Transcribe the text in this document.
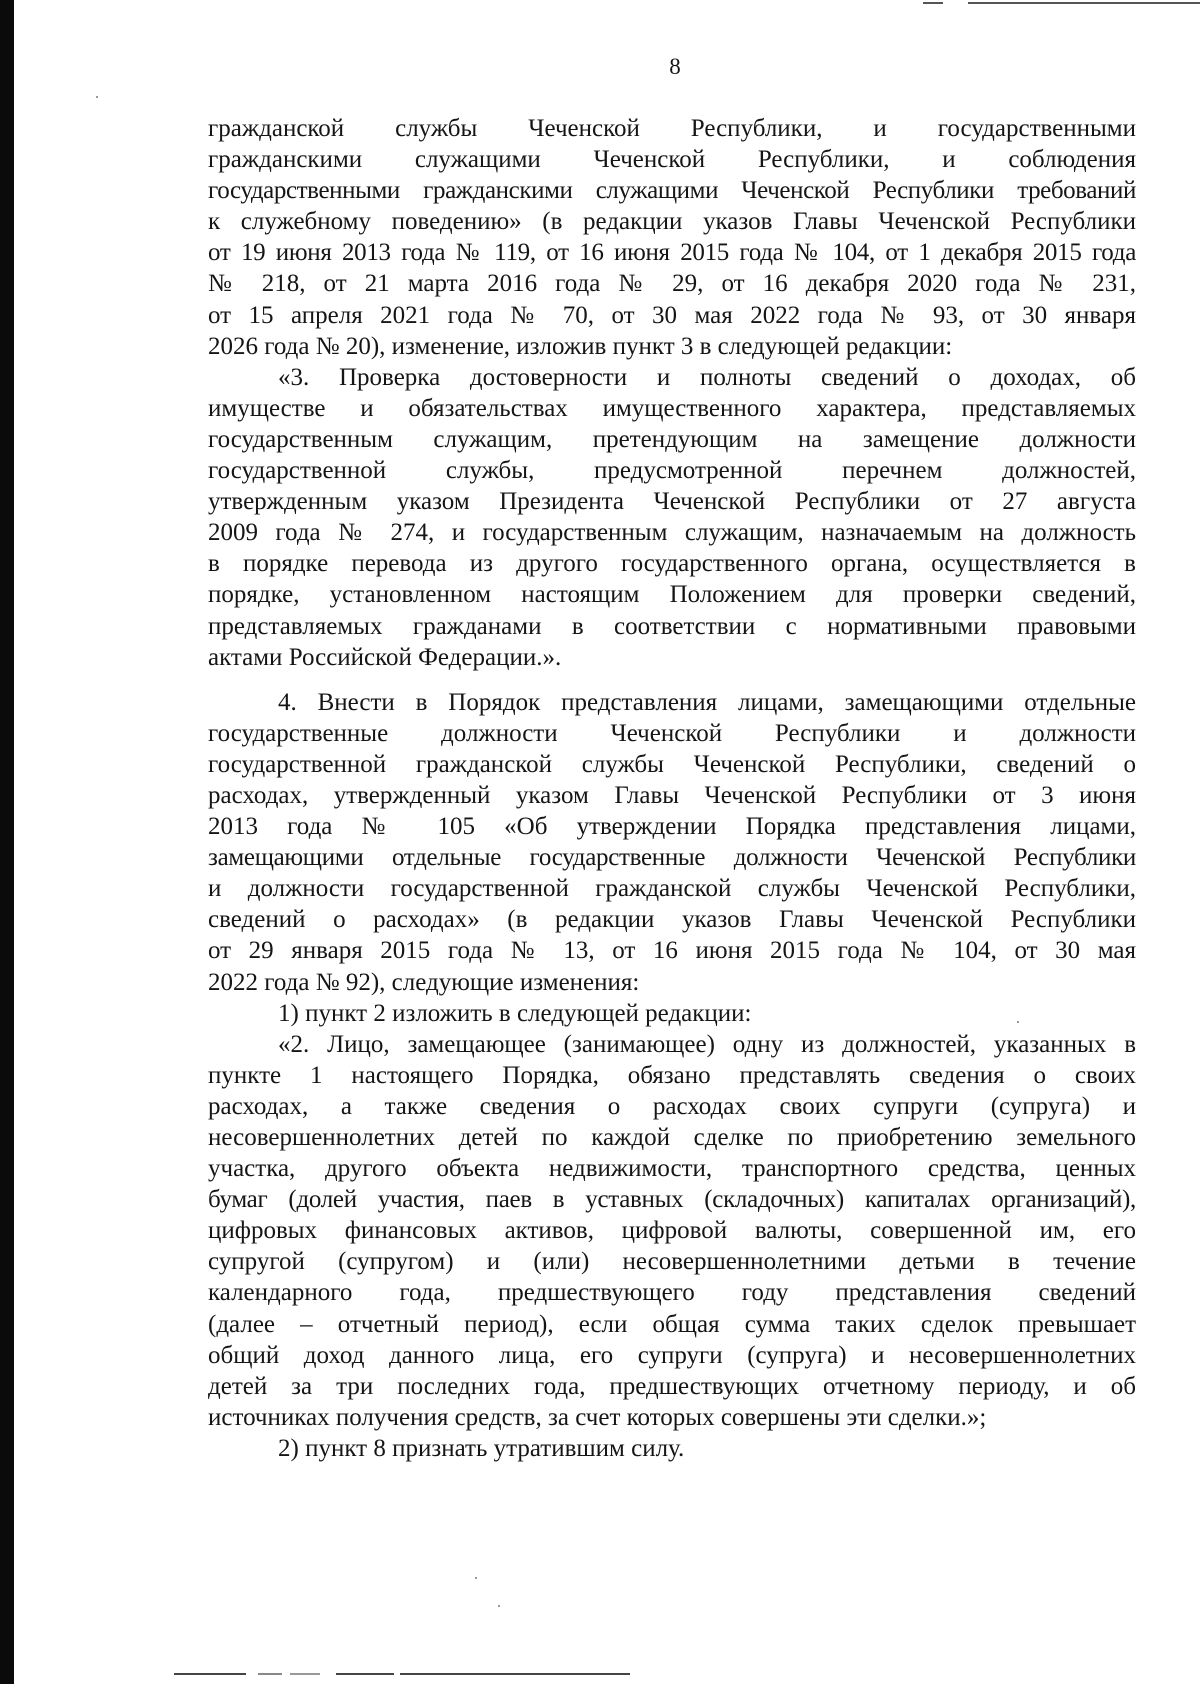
8
гражданской службы Чеченской Республики, и государственными
гражданскими служащими Чеченской Республики, и соблюдения
государственными гражданскими служащими Чеченской Республики требований
к служебному поведению» (в редакции указов Главы Чеченской Республики
от 19 июня 2013 года № 119, от 16 июня 2015 года № 104, от 1 декабря 2015 года
№ 218, от 21 марта 2016 года № 29, от 16 декабря 2020 года № 231,
от 15 апреля 2021 года № 70, от 30 мая 2022 года № 93, от 30 января
2026 года № 20), изменение, изложив пункт 3 в следующей редакции:
«3. Проверка достоверности и полноты сведений о доходах, об
имуществе и обязательствах имущественного характера, представляемых
государственным служащим, претендующим на замещение должности
государственной службы, предусмотренной перечнем должностей,
утвержденным указом Президента Чеченской Республики от 27 августа
2009 года № 274, и государственным служащим, назначаемым на должность
в порядке перевода из другого государственного органа, осуществляется в
порядке, установленном настоящим Положением для проверки сведений,
представляемых гражданами в соответствии с нормативными правовыми
актами Российской Федерации.».
4. Внести в Порядок представления лицами, замещающими отдельные
государственные должности Чеченской Республики и должности
государственной гражданской службы Чеченской Республики, сведений о
расходах, утвержденный указом Главы Чеченской Республики от 3 июня
2013 года № 105 «Об утверждении Порядка представления лицами,
замещающими отдельные государственные должности Чеченской Республики
и должности государственной гражданской службы Чеченской Республики,
сведений о расходах» (в редакции указов Главы Чеченской Республики
от 29 января 2015 года № 13, от 16 июня 2015 года № 104, от 30 мая
2022 года № 92), следующие изменения:
1) пункт 2 изложить в следующей редакции:
«2. Лицо, замещающее (занимающее) одну из должностей, указанных в
пункте 1 настоящего Порядка, обязано представлять сведения о своих
расходах, а также сведения о расходах своих супруги (супруга) и
несовершеннолетних детей по каждой сделке по приобретению земельного
участка, другого объекта недвижимости, транспортного средства, ценных
бумаг (долей участия, паев в уставных (складочных) капиталах организаций),
цифровых финансовых активов, цифровой валюты, совершенной им, его
супругой (супругом) и (или) несовершеннолетними детьми в течение
календарного года, предшествующего году представления сведений
(далее – отчетный период), если общая сумма таких сделок превышает
общий доход данного лица, его супруги (супруга) и несовершеннолетних
детей за три последних года, предшествующих отчетному периоду, и об
источниках получения средств, за счет которых совершены эти сделки.»;
2) пункт 8 признать утратившим силу.
